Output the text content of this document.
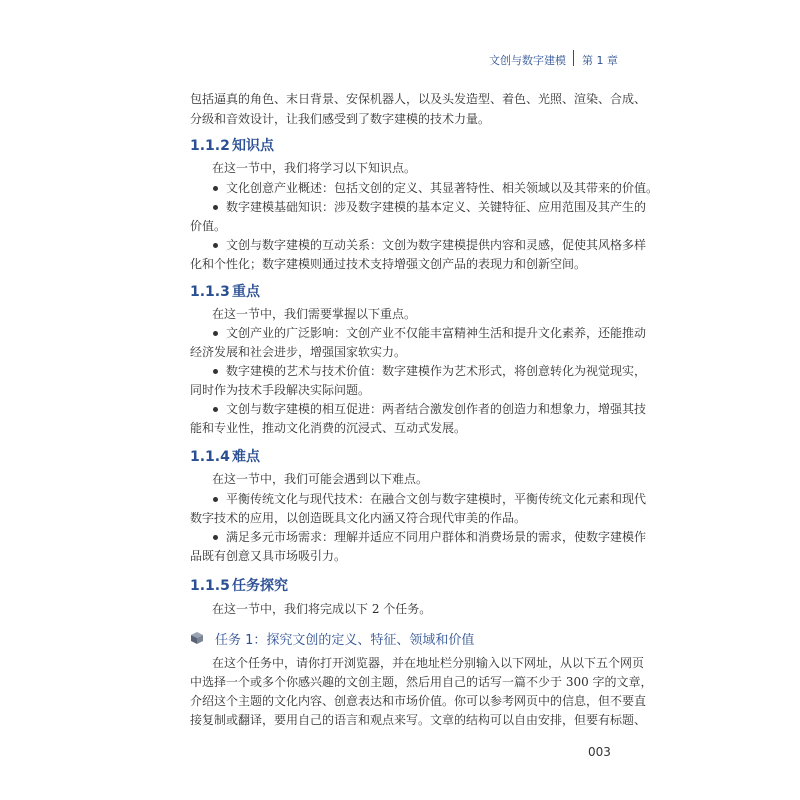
文创与数字建模 第 1 章
包括逼真的角色、末日背景、安保机器人，以及头发造型、着色、光照、渲染、合成、
分级和音效设计，让我们感受到了数字建模的技术力量。
1.1.2 知识点
在这一节中，我们将学习以下知识点。
文化创意产业概述：包括文创的定义、其显著特性、相关领域以及其带来的价值。
数字建模基础知识：涉及数字建模的基本定义、关键特征、应用范围及其产生的
价值。
文创与数字建模的互动关系：文创为数字建模提供内容和灵感，促使其风格多样
化和个性化；数字建模则通过技术支持增强文创产品的表现力和创新空间。
1.1.3 重点
在这一节中，我们需要掌握以下重点。
文创产业的广泛影响：文创产业不仅能丰富精神生活和提升文化素养，还能推动
经济发展和社会进步，增强国家软实力。
数字建模的艺术与技术价值：数字建模作为艺术形式，将创意转化为视觉现实，
同时作为技术手段解决实际问题。
文创与数字建模的相互促进：两者结合激发创作者的创造力和想象力，增强其技
能和专业性，推动文化消费的沉浸式、互动式发展。
1.1.4 难点
在这一节中，我们可能会遇到以下难点。
平衡传统文化与现代技术：在融合文创与数字建模时，平衡传统文化元素和现代
数字技术的应用，以创造既具文化内涵又符合现代审美的作品。
满足多元市场需求：理解并适应不同用户群体和消费场景的需求，使数字建模作
品既有创意又具市场吸引力。
1.1.5 任务探究
在这一节中，我们将完成以下 2 个任务。
任务 1：探究文创的定义、特征、领域和价值
在这个任务中，请你打开浏览器，并在地址栏分别输入以下网址，从以下五个网页
中选择一个或多个你感兴趣的文创主题，然后用自己的话写一篇不少于 300 字的文章，
介绍这个主题的文化内容、创意表达和市场价值。你可以参考网页中的信息，但不要直
接复制或翻译，要用自己的语言和观点来写。文章的结构可以自由安排，但要有标题、
003
